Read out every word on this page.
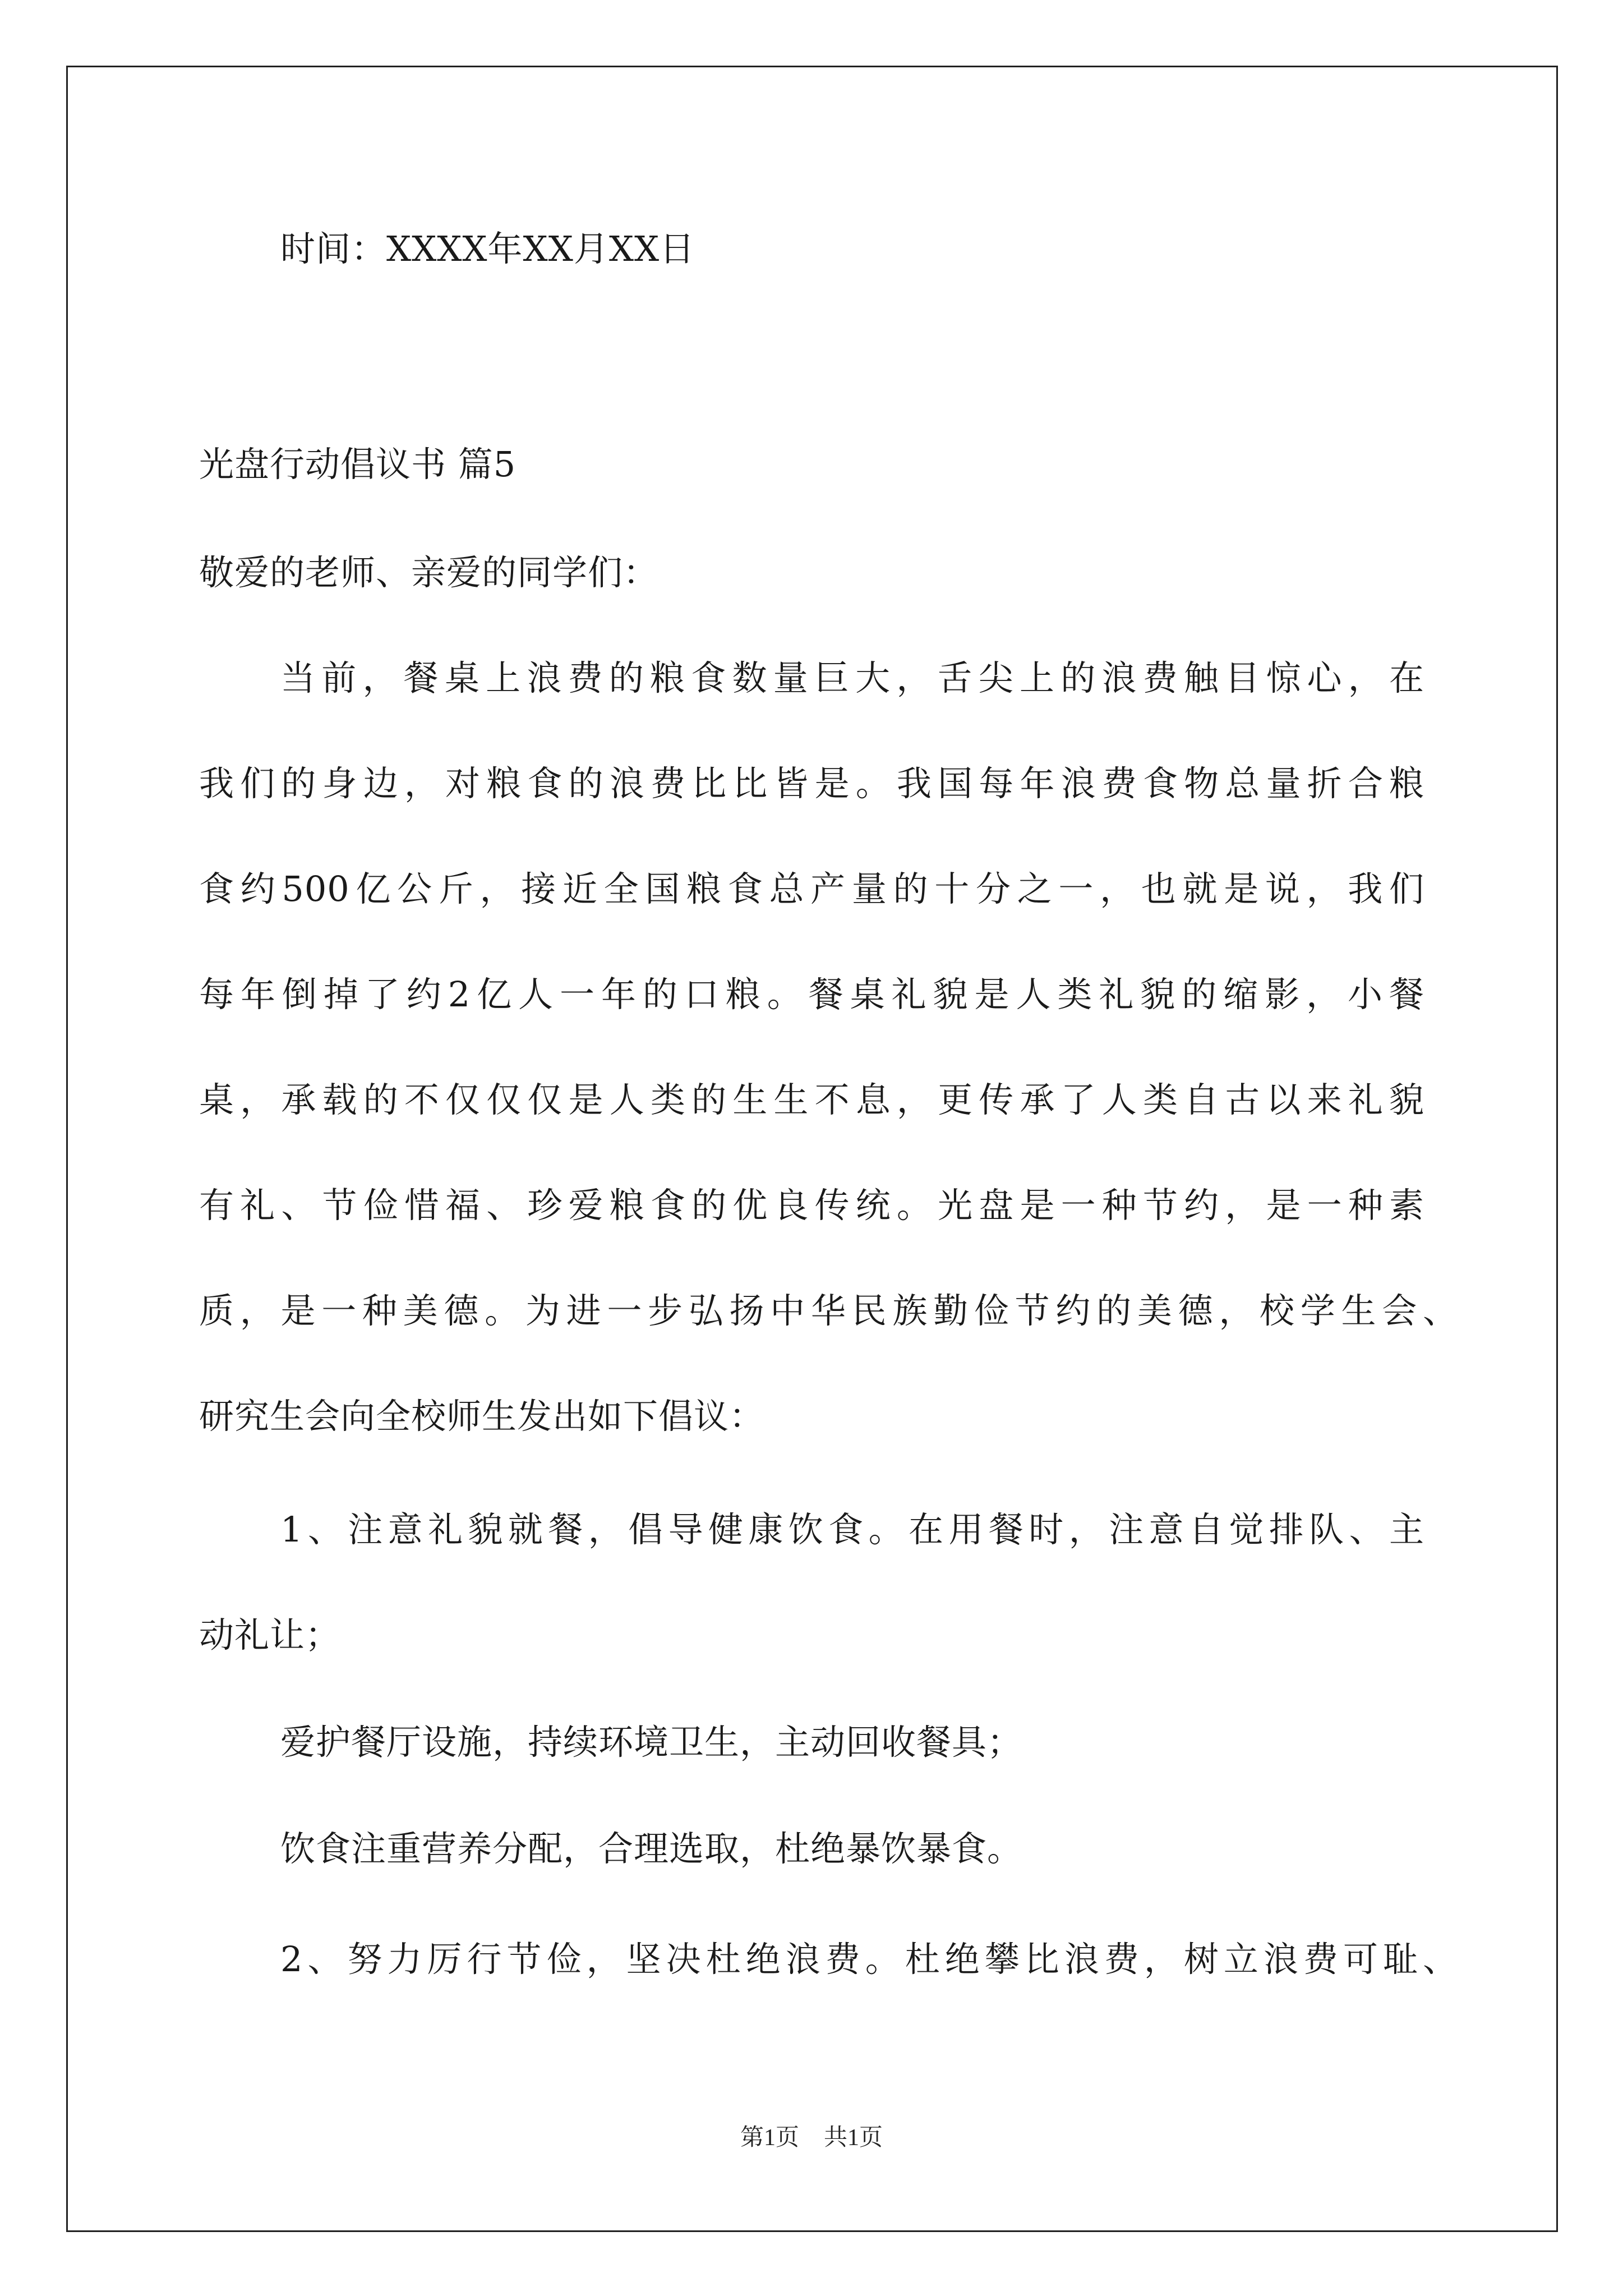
时间：XXXX年XX月XX日
光盘行动倡议书 篇5
敬爱的老师、亲爱的同学们：
当前，餐桌上浪费的粮食数量巨大，舌尖上的浪费触目惊心，在
我们的身边，对粮食的浪费比比皆是。我国每年浪费食物总量折合粮
食约500亿公斤，接近全国粮食总产量的十分之一，也就是说，我们
每年倒掉了约2亿人一年的口粮。餐桌礼貌是人类礼貌的缩影，小餐
桌，承载的不仅仅仅是人类的生生不息，更传承了人类自古以来礼貌
有礼、节俭惜福、珍爱粮食的优良传统。光盘是一种节约，是一种素
质，是一种美德。为进一步弘扬中华民族勤俭节约的美德，校学生会、
研究生会向全校师生发出如下倡议：
1、注意礼貌就餐，倡导健康饮食。在用餐时，注意自觉排队、主
动礼让；
爱护餐厅设施，持续环境卫生，主动回收餐具；
饮食注重营养分配，合理选取，杜绝暴饮暴食。
2、努力厉行节俭，坚决杜绝浪费。杜绝攀比浪费，树立浪费可耻、
第1页 共1页
